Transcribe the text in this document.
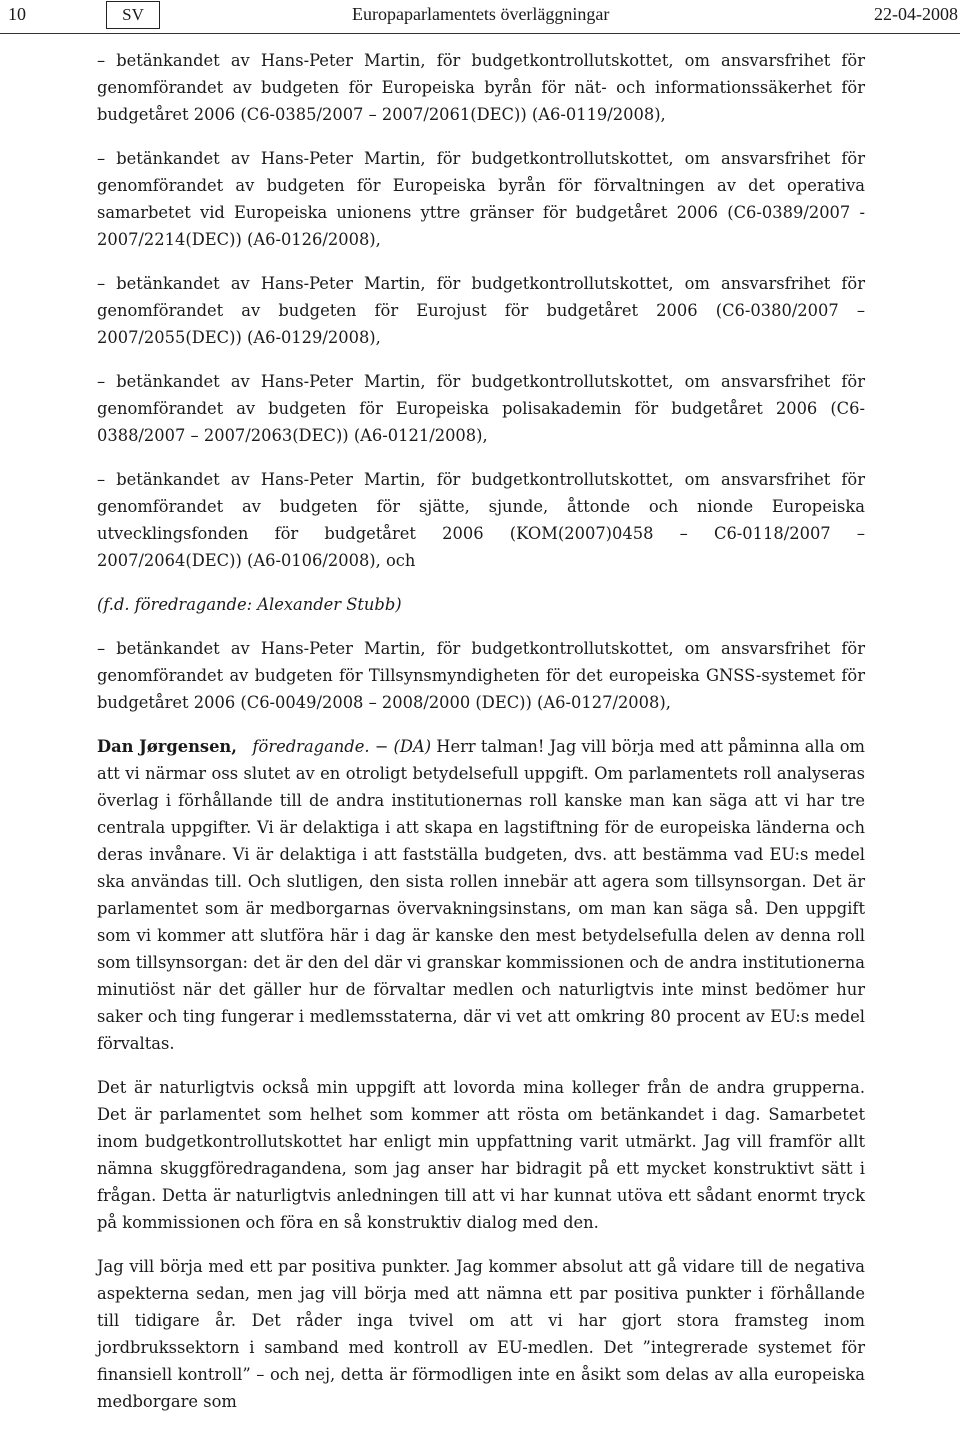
10	SV	Europaparlamentets överläggningar	22-04-2008

– betänkandet av Hans-Peter Martin, för budgetkontrollutskottet, om ansvarsfrihet för genomförandet av budgeten för Europeiska byrån för nät- och informationssäkerhet för budgetåret 2006 (C6-0385/2007 – 2007/2061(DEC)) (A6-0119/2008),

– betänkandet av Hans-Peter Martin, för budgetkontrollutskottet, om ansvarsfrihet för genomförandet av budgeten för Europeiska byrån för förvaltningen av det operativa samarbetet vid Europeiska unionens yttre gränser för budgetåret 2006 (C6-0389/2007 - 2007/2214(DEC)) (A6-0126/2008),

– betänkandet av Hans-Peter Martin, för budgetkontrollutskottet, om ansvarsfrihet för genomförandet av budgeten för Eurojust för budgetåret 2006 (C6-0380/2007 – 2007/2055(DEC)) (A6-0129/2008),

– betänkandet av Hans-Peter Martin, för budgetkontrollutskottet, om ansvarsfrihet för genomförandet av budgeten för Europeiska polisakademin för budgetåret 2006 (C6-0388/2007 – 2007/2063(DEC)) (A6-0121/2008),

– betänkandet av Hans-Peter Martin, för budgetkontrollutskottet, om ansvarsfrihet för genomförandet av budgeten för sjätte, sjunde, åttonde och nionde Europeiska utvecklingsfonden för budgetåret 2006 (KOM(2007)0458 – C6-0118/2007 – 2007/2064(DEC)) (A6-0106/2008), och

(f.d. föredragande: Alexander Stubb)

– betänkandet av Hans-Peter Martin, för budgetkontrollutskottet, om ansvarsfrihet för genomförandet av budgeten för Tillsynsmyndigheten för det europeiska GNSS-systemet för budgetåret 2006 (C6-0049/2008 – 2008/2000 (DEC)) (A6-0127/2008),

Dan Jørgensen, föredragande. − (DA) Herr talman! Jag vill börja med att påminna alla om att vi närmar oss slutet av en otroligt betydelsefull uppgift. Om parlamentets roll analyseras överlag i förhållande till de andra institutionernas roll kanske man kan säga att vi har tre centrala uppgifter. Vi är delaktiga i att skapa en lagstiftning för de europeiska länderna och deras invånare. Vi är delaktiga i att fastställa budgeten, dvs. att bestämma vad EU:s medel ska användas till. Och slutligen, den sista rollen innebär att agera som tillsynsorgan. Det är parlamentet som är medborgarnas övervakningsinstans, om man kan säga så. Den uppgift som vi kommer att slutföra här i dag är kanske den mest betydelsefulla delen av denna roll som tillsynsorgan: det är den del där vi granskar kommissionen och de andra institutionerna minutiöst när det gäller hur de förvaltar medlen och naturligtvis inte minst bedömer hur saker och ting fungerar i medlemsstaterna, där vi vet att omkring 80 procent av EU:s medel förvaltas.

Det är naturligtvis också min uppgift att lovorda mina kolleger från de andra grupperna. Det är parlamentet som helhet som kommer att rösta om betänkandet i dag. Samarbetet inom budgetkontrollutskottet har enligt min uppfattning varit utmärkt. Jag vill framför allt nämna skuggföredragandena, som jag anser har bidragit på ett mycket konstruktivt sätt i frågan. Detta är naturligtvis anledningen till att vi har kunnat utöva ett sådant enormt tryck på kommissionen och föra en så konstruktiv dialog med den.

Jag vill börja med ett par positiva punkter. Jag kommer absolut att gå vidare till de negativa aspekterna sedan, men jag vill börja med att nämna ett par positiva punkter i förhållande till tidigare år. Det råder inga tvivel om att vi har gjort stora framsteg inom jordbrukssektorn i samband med kontroll av EU-medlen. Det ”integrerade systemet för finansiell kontroll” – och nej, detta är förmodligen inte en åsikt som delas av alla europeiska medborgare som
